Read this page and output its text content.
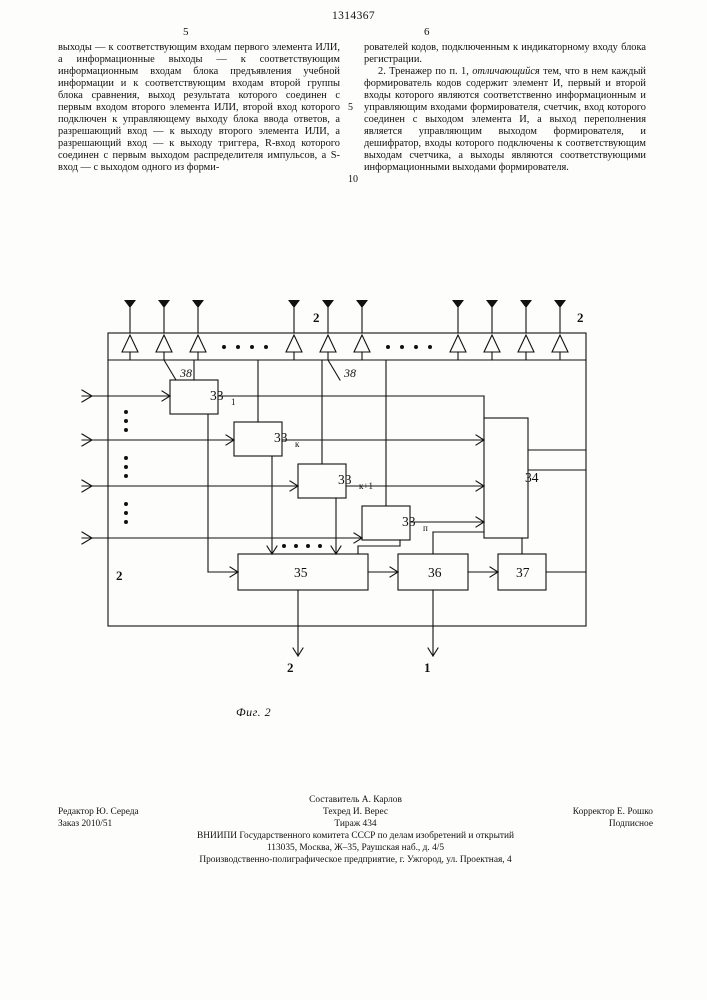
1314367
5	6

выходы — к соответствующим входам первого элемента ИЛИ, а информационные выходы — к соответствующим информационным входам блока предъявления учебной информации и к соответствующим входам второй группы блока сравнения, выход результата которого соединен с первым входом второго элемента ИЛИ, второй вход которого подключен к управляющему выходу блока ввода ответов, а разрешающий вход — к выходу второго элемента ИЛИ, а разрешающий вход — к выходу триггера, R-вход которого соединен с первым выходом распределителя импульсов, а S-вход — с выходом одного из форми-

рователей кодов, подключенным к индикаторному входу блока регистрации.

2. Тренажер по п. 1, отличающийся тем, что в нем каждый формирователь кодов содержит элемент И, первый и второй входы которого являются соответственно информационным и управляющим входами формирователя, счетчик, вход которого соединен с выходом элемента И, а выход переполнения является управляющим выходом формирователя, и дешифратор, входы которого подключены к соответствующим выходам счетчика, а выходы являются соответствующими информационными выходами формирователя.

5
10
2	2
33 1
33 к
33 к+1
33 п
34
35	36	37
38	38
2
2	1
Фиг. 2
Составитель А. Карлов
Редактор Ю. Середа	Техред И. Верес	Корректор Е. Рошко
Заказ 2010/51	Тираж 434	Подписное
ВНИИПИ Государственного комитета СССР по делам изобретений и открытий
113035, Москва, Ж–35, Раушская наб., д. 4/5
Производственно-полиграфическое предприятие, г. Ужгород, ул. Проектная, 4
